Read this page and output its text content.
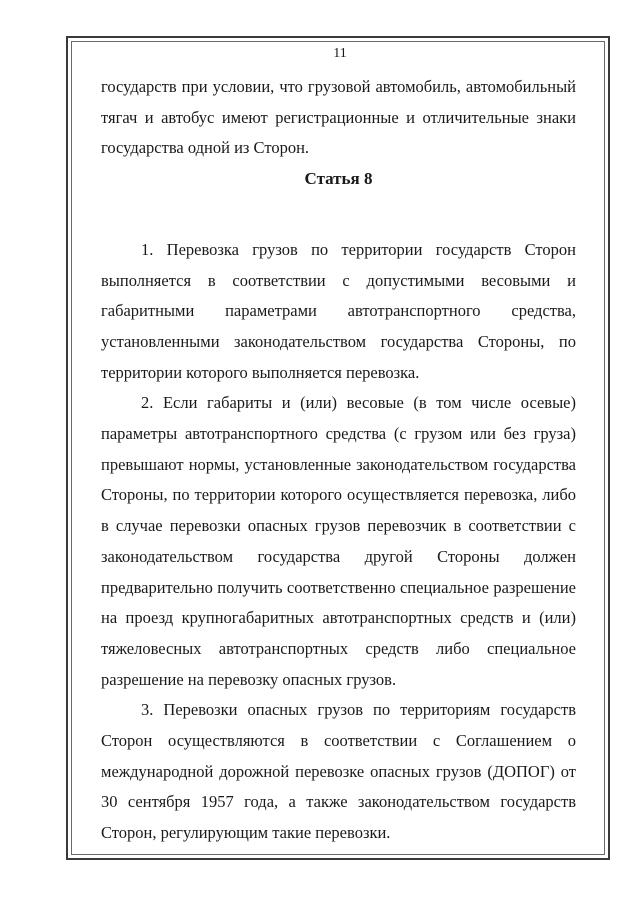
11

государств при условии, что грузовой автомобиль, автомобильный тягач и автобус имеют регистрационные и отличительные знаки государства одной из Сторон.

Статья 8

1. Перевозка грузов по территории государств Сторон выполняется в соответствии с допустимыми весовыми и габаритными параметрами автотранспортного средства, установленными законодательством государства Стороны, по территории которого выполняется перевозка.

2. Если габариты и (или) весовые (в том числе осевые) параметры автотранспортного средства (с грузом или без груза) превышают нормы, установленные законодательством государства Стороны, по территории которого осуществляется перевозка, либо в случае перевозки опасных грузов перевозчик в соответствии с законодательством государства другой Стороны должен предварительно получить соответственно специальное разрешение на проезд крупногабаритных автотранспортных средств и (или) тяжеловесных автотранспортных средств либо специальное разрешение на перевозку опасных грузов.

3. Перевозки опасных грузов по территориям государств Сторон осуществляются в соответствии с Соглашением о международной дорожной перевозке опасных грузов (ДОПОГ) от 30 сентября 1957 года, а также законодательством государств Сторон, регулирующим такие перевозки.
